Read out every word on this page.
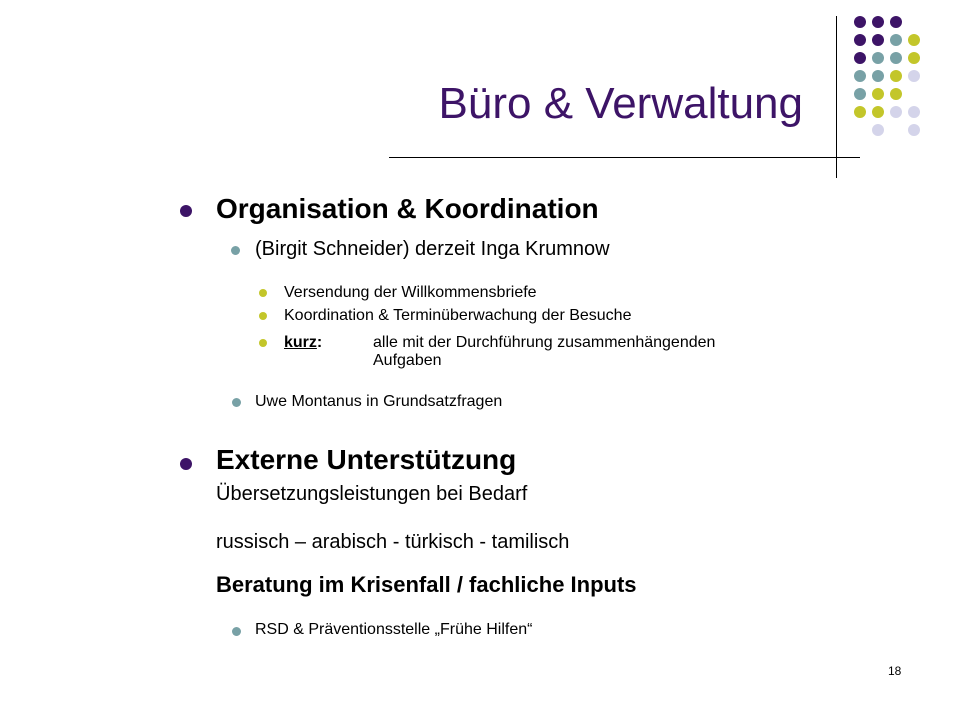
Büro & Verwaltung
Organisation & Koordination
(Birgit Schneider) derzeit Inga Krumnow
Versendung der Willkommensbriefe
Koordination & Terminüberwachung der Besuche
kurz:	alle mit der Durchführung zusammenhängenden
Aufgaben
Uwe Montanus in Grundsatzfragen
Externe Unterstützung
Übersetzungsleistungen bei Bedarf
russisch – arabisch - türkisch - tamilisch
Beratung im Krisenfall / fachliche Inputs
RSD & Präventionsstelle „Frühe Hilfen“
18
